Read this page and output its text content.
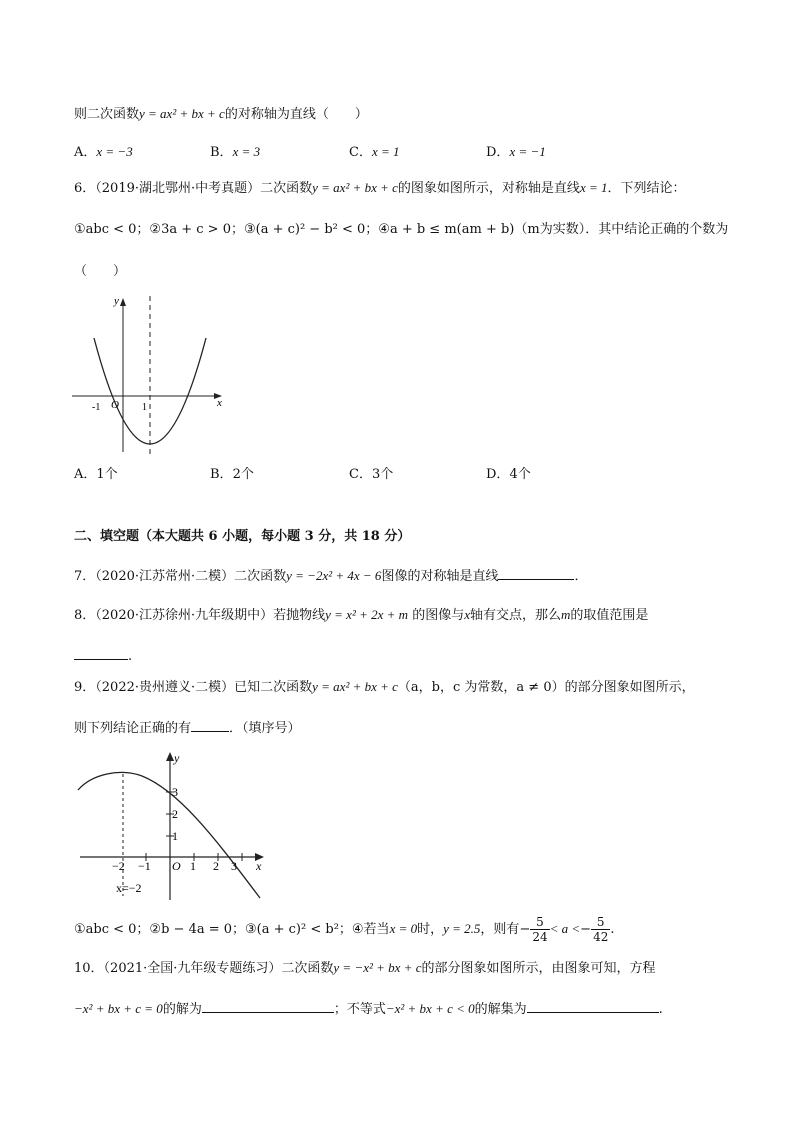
则二次函数y = ax² + bx + c的对称轴为直线（　　）
A．x = −3	B．x = 3	C．x = 1	D．x = −1
6．（2019·湖北鄂州·中考真题）二次函数y = ax² + bx + c的图象如图所示，对称轴是直线x = 1．下列结论：
①abc < 0；②3a + c > 0；③(a + c)² − b² < 0；④a + b ≤ m(am + b)（m为实数）．其中结论正确的个数为
（　　）
y
x
O
-1	1
A．1个	B．2个	C．3个	D．4个
二、填空题（本大题共 6 小题，每小题 3 分，共 18 分）
7．（2020·江苏常州·二模）二次函数y = −2x² + 4x − 6图像的对称轴是直线	．
8．（2020·江苏徐州·九年级期中）若抛物线y = x² + 2x + m 的图像与x轴有交点，那么m的取值范围是
.
9．（2022·贵州遵义·二模）已知二次函数y = ax² + bx + c（a，b，c 为常数，a ≠ 0）的部分图象如图所示，
则下列结论正确的有	．（填序号）
y
x
O
−2 −1	1 2 3
3
2
1
x=−2
①abc < 0；②b − 4a = 0；③(a + c)² < b²；④若当x = 0时，y = 2.5，则有− $\frac{5}{24} < a <- \frac{5}{42}$ .
10．（2021·全国·九年级专题练习）二次函数y = −x² + bx + c的部分图象如图所示，由图象可知，方程
−x² + bx + c = 0的解为	；不等式−x² + bx + c < 0的解集为	.
